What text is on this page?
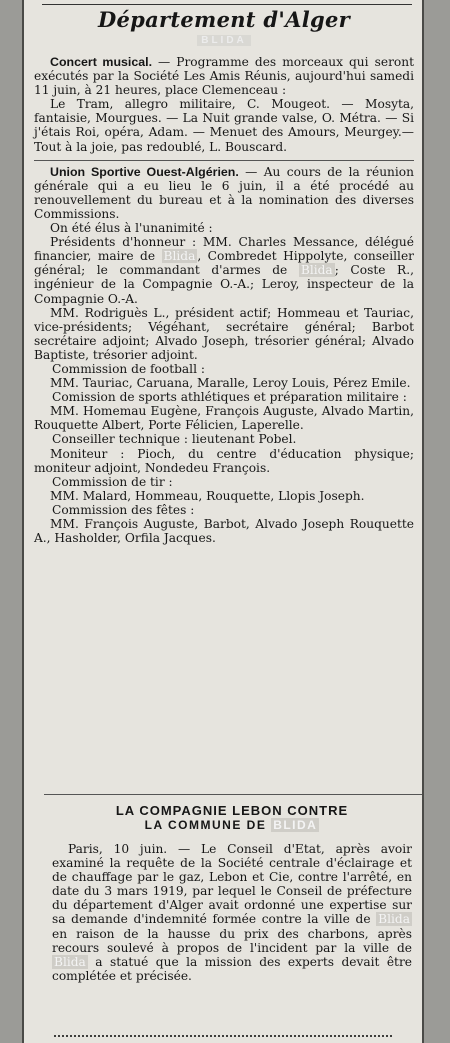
Département d'Alger
BLIDA

Concert musical. — Programme des morceaux qui seront exécutés par la Société Les Amis Réunis, aujourd'hui samedi 11 juin, à 21 heures, place Clemenceau :

Le Tram, allegro militaire, C. Mougeot. — Mosyta, fantaisie, Mourgues. — La Nuit grande valse, O. Métra. — Si j'étais Roi, opéra, Adam. — Menuet des Amours, Meurgey.— Tout à la joie, pas redoublé, L. Bouscard.

Union Sportive Ouest-Algérien. — Au cours de la réunion générale qui a eu lieu le 6 juin, il a été procédé au renouvellement du bureau et à la nomination des diverses Commissions.

On été élus à l'unanimité :

Présidents d'honneur : MM. Charles Messance, délégué financier, maire de Blida , Combredet Hippolyte, conseiller général; le commandant d'armes de Blida ; Coste R., ingénieur de la Compagnie O.-A.; Leroy, inspecteur de la Compagnie O.-A.

MM. Rodriguès L., président actif; Hommeau et Tauriac, vice-présidents; Végéhant, secrétaire général; Barbot secrétaire adjoint; Alvado Joseph, trésorier général; Alvado Baptiste, trésorier adjoint.

Commission de football :

MM. Tauriac, Caruana, Maralle, Leroy Louis, Pérez Emile.

Comission de sports athlétiques et préparation militaire :

MM. Homemau Eugène, François Auguste, Alvado Martin, Rouquette Albert, Porte Félicien, Laperelle.

Conseiller technique : lieutenant Pobel.

Moniteur : Pioch, du centre d'éducation physique; moniteur adjoint, Nondedeu François.

Commission de tir :

MM. Malard, Hommeau, Rouquette, Llopis Joseph.

Commission des fêtes :

MM. François Auguste, Barbot, Alvado Joseph Rouquette A., Hasholder, Orfila Jacques.

LA COMPAGNIE LEBON CONTRE
LA COMMUNE DE BLIDA

Paris, 10 juin. — Le Conseil d'Etat, après avoir examiné la requête de la Société centrale d'éclairage et de chauffage par le gaz, Lebon et Cie, contre l'arrêté, en date du 3 mars 1919, par lequel le Conseil de préfecture du département d'Alger avait ordonné une expertise sur sa demande d'indemnité formée contre la ville de Blida en raison de la hausse du prix des charbons, après recours soulevé à propos de l'incident par la ville de Blida a statué que la mission des experts devait être complétée et précisée.
